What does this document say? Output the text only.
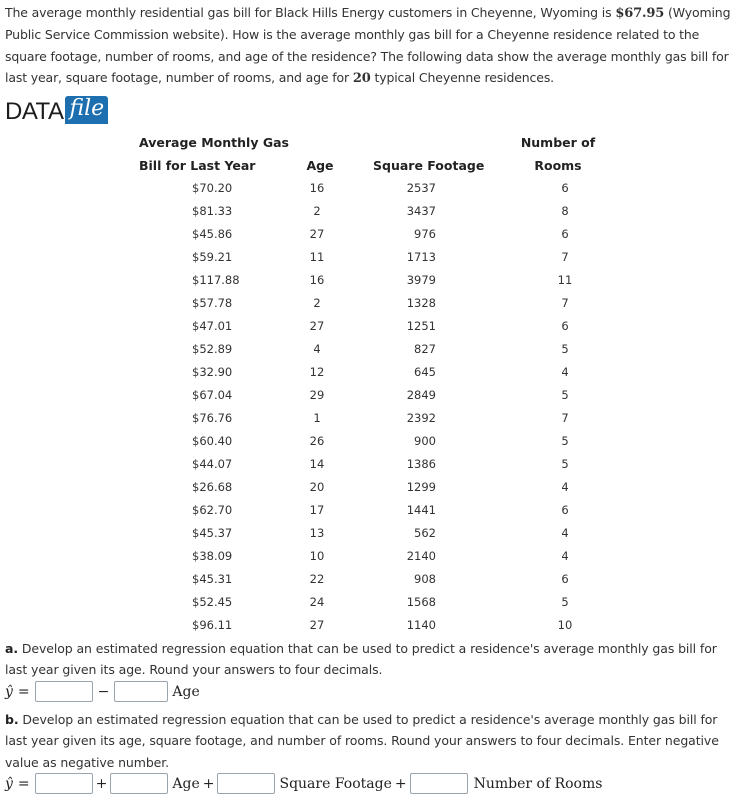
The average monthly residential gas bill for Black Hills Energy customers in Cheyenne, Wyoming is $67.95 (Wyoming Public Service Commission website). How is the average monthly gas bill for a Cheyenne residence related to the square footage, number of rooms, and age of the residence? The following data show the average monthly gas bill for last year, square footage, number of rooms, and age for 20 typical Cheyenne residences.
DATA file
Average Monthly Gas
Bill for Last Year	Age	Square Footage
Number of
Rooms
$70.20	16	2537	6
$81.33	2	3437	8
$45.86	27	976	6
$59.21	11	1713	7
$117.88	16	3979	11
$57.78	2	1328	7
$47.01	27	1251	6
$52.89	4	827	5
$32.90	12	645	4
$67.04	29	2849	5
$76.76	1	2392	7
$60.40	26	900	5
$44.07	14	1386	5
$26.68	20	1299	4
$62.70	17	1441	6
$45.37	13	562	4
$38.09	10	2140	4
$45.31	22	908	6
$52.45	24	1568	5
$96.11	27	1140	10
a. Develop an estimated regression equation that can be used to predict a residence's average monthly gas bill for last year given its age. Round your answers to four decimals.
ŷ =	−	Age
b. Develop an estimated regression equation that can be used to predict a residence's average monthly gas bill for last year given its age, square footage, and number of rooms. Round your answers to four decimals. Enter negative value as negative number.
ŷ =	+	Age +	Square Footage +	Number of Rooms
